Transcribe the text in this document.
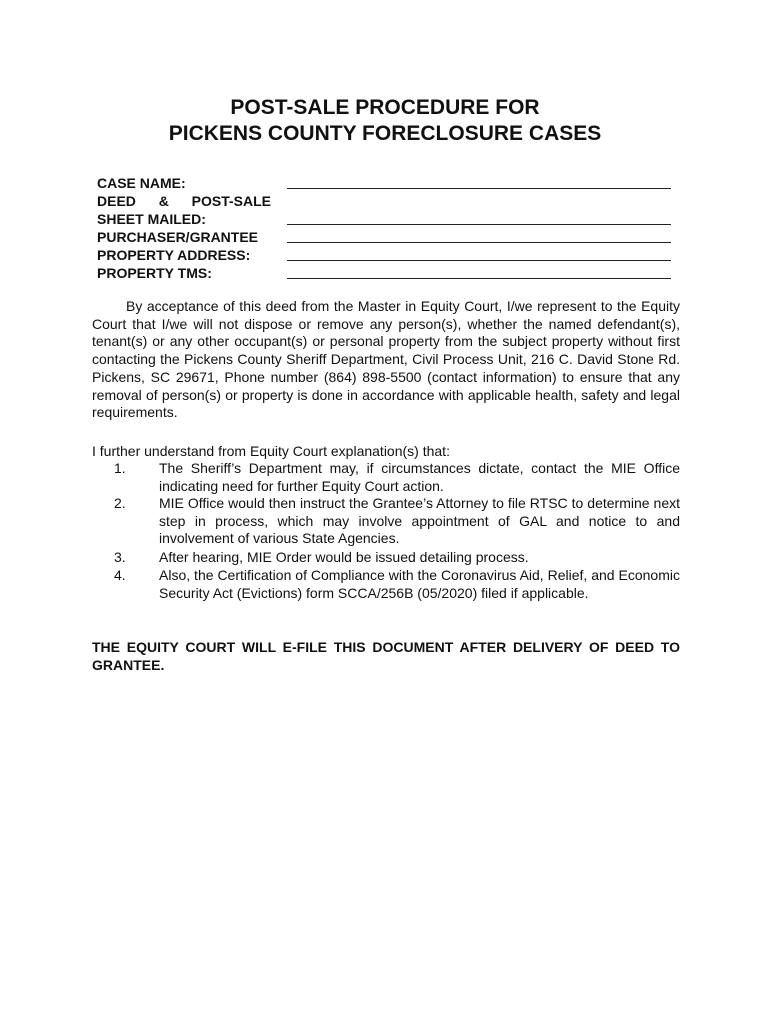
POST-SALE PROCEDURE FOR
PICKENS COUNTY FORECLOSURE CASES
CASE NAME:
DEED & POST-SALE
SHEET MAILED:
PURCHASER/GRANTEE
PROPERTY ADDRESS:
PROPERTY TMS:
By acceptance of this deed from the Master in Equity Court, I/we represent to the Equity Court that I/we will not dispose or remove any person(s), whether the named defendant(s), tenant(s) or any other occupant(s) or personal property from the subject property without first contacting the Pickens County Sheriff Department, Civil Process Unit, 216 C. David Stone Rd. Pickens, SC 29671, Phone number (864) 898-5500 (contact information) to ensure that any removal of person(s) or property is done in accordance with applicable health, safety and legal requirements.
I further understand from Equity Court explanation(s) that:
1.	The Sheriff’s Department may, if circumstances dictate, contact the MIE Office indicating need for further Equity Court action.
2.	MIE Office would then instruct the Grantee’s Attorney to file RTSC to determine next step in process, which may involve appointment of GAL and notice to and involvement of various State Agencies.
3.	After hearing, MIE Order would be issued detailing process.
4.	Also, the Certification of Compliance with the Coronavirus Aid, Relief, and Economic Security Act (Evictions) form SCCA/256B (05/2020) filed if applicable.
THE EQUITY COURT WILL E-FILE THIS DOCUMENT AFTER DELIVERY OF DEED TO GRANTEE.
